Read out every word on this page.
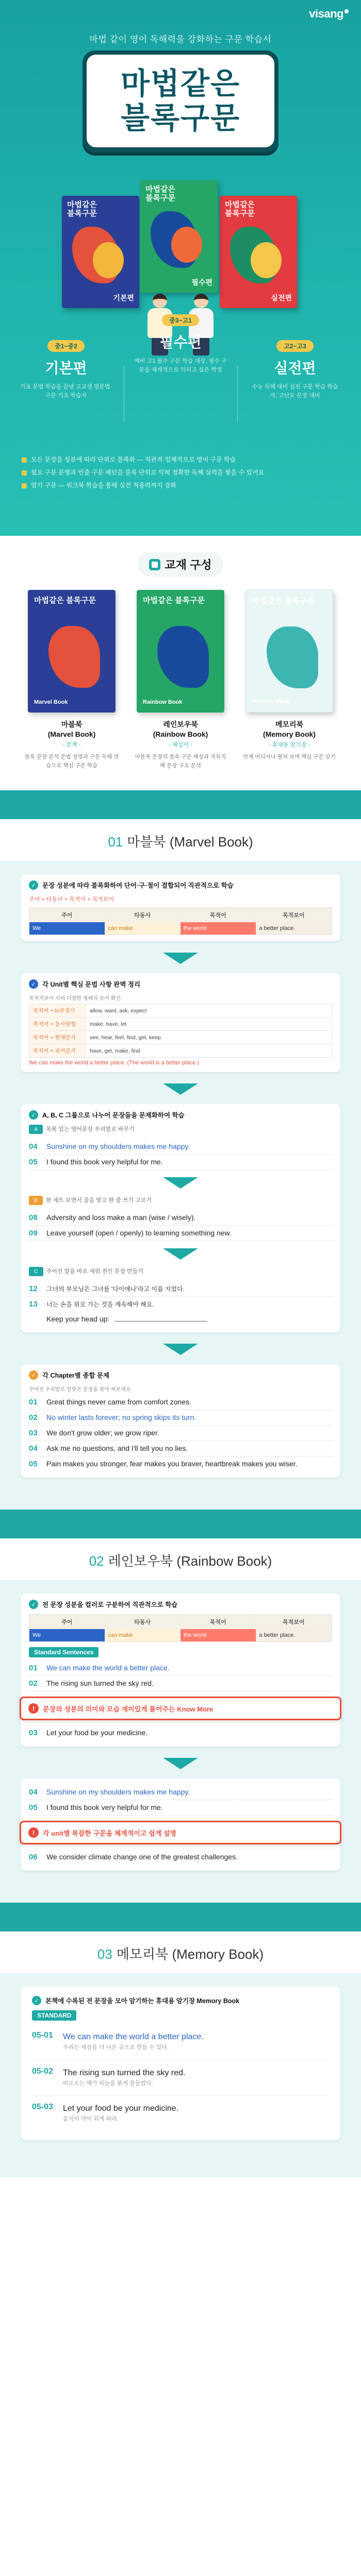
visang
마법 같이 영어 독해력을 강화하는 구문 학습서
마법같은
블록구문
마법같은
블록구문
기본편
마법같은
블록구문
필수편
마법같은
블록구문
실전편
중1~중2
기본편

기초 문법 학습을 끝낸 고교생 영문법·구문 기초 학습자

중3~고1
필수편

예비 고1 필수 구문 학습 대상, 필수 구문을 체계적으로 익히고 싶은 학생

고2~고3
실전편

수능 독해 대비 실전 구문 학습 학습자, 고난도 문장 대비

모든 문장을 성분에 따라 단위로 블록화 — 직관적·입체적으로 영어 구문 학습
필요 구문 문형과 빈출 구문 패턴을 블록 단위로 익혀 정확한 독해 실력을 쌓을 수 있어요
암기 구문 — 워크북 학습을 통해 실전 적용력까지 강화
교재 구성
마법같은 블록구문
Marvel Book
마블북
(Marvel Book)
- 본책 -
블록 문장 분석 문법 설명과 구문 독해 연습으로 핵심 구문 학습
마법같은 블록구문
Rainbow Book
레인보우북
(Rainbow Book)
- 해설서 -
마블북 문장의 블록 구문 해설과 직독직해 문장 구조 분석
마법같은 블록구문
Memory Book
메모리북
(Memory Book)
- 휴대용 암기장 -
언제 어디서나 펼쳐 보며 핵심 구문 암기
01 마블북 (Marvel Book)
✓ 문장 성분에 따라 블록화하여 단어·구·절이 결합되어 직관적으로 학습
주어 + 타동사 + 목적어 + 목적보어
주어	타동사	목적어	목적보어
We	can make	the world	a better place.
✓ 각 Unit별 핵심 문법 사항 완벽 정리
목적격보어 자리 다양한 형태의 보어 확인
목적어 + to부정사	allow, want, ask, expect
목적어 + 동사원형	make, have, let
목적어 + 현재분사	see, hear, feel, find, get, keep
목적어 + 과거분사	have, get, make, find
We can make the world a better place. (The world is a better place.)
✓ A, B, C 그룹으로 나누어 문장들을 문제화하여 학습
A	목록 있는 영어문장 우리말로 바꾸기
04	Sunshine on my shoulders makes me happy.
05	I found this book very helpful for me.
B	한 세트 보면서 골을 맞고 한 줄 쓰기 고르기
08	Adversity and loss make a man (wise / wisely).
09	Leave yourself (open / openly) to learning something new.
C	주어진 말을 바로 세워 전인 문장 만들기
12	그녀의 부모님은 그녀를 '다이애나'라고 이름 지었다.
13	너는 손을 위로 가는 것을 계속해야 해요.
Keep your head up:
✓ 각 Chapter별 종합 문제
주어진 우리말로 알맞은 문장을 찾아 써보세요
01	Great things never came from comfort zones.
02	No winter lasts forever; no spring skips its turn.
03	We don't grow older; we grow riper.
04	Ask me no questions, and I'll tell you no lies.
05	Pain makes you stronger, fear makes you braver, heartbreak makes you wiser.
02 레인보우북 (Rainbow Book)
✓ 전 문장 성분을 컬러로 구분하여 직관적으로 학습
주어	타동사	목적어	목적보어
We	can make	the world	a better place.
Standard Sentences
01	We can make the world a better place.
02	The rising sun turned the sky red.
!	문장의 성분의 의미와 모습 재미있게 풀어주는 Know More
03	Let your food be your medicine.
04	Sunshine on my shoulders makes me happy.
05	I found this book very helpful for me.
!	각 unit별 복잡한 구문을 체계적이고 쉽게 설명
06	We consider climate change one of the greatest challenges.
03 메모리북 (Memory Book)
✓ 본책에 수록된 전 문장을 모아 암기하는 휴대용 암기장 Memory Book
STANDARD
05-01 We can make the world a better place.
우리는 세상을 더 나은 곳으로 만들 수 있다.
05-02 The rising sun turned the sky red.
떠오르는 해가 하늘을 붉게 물들였다.
05-03 Let your food be your medicine.
음식이 약이 되게 하라.
